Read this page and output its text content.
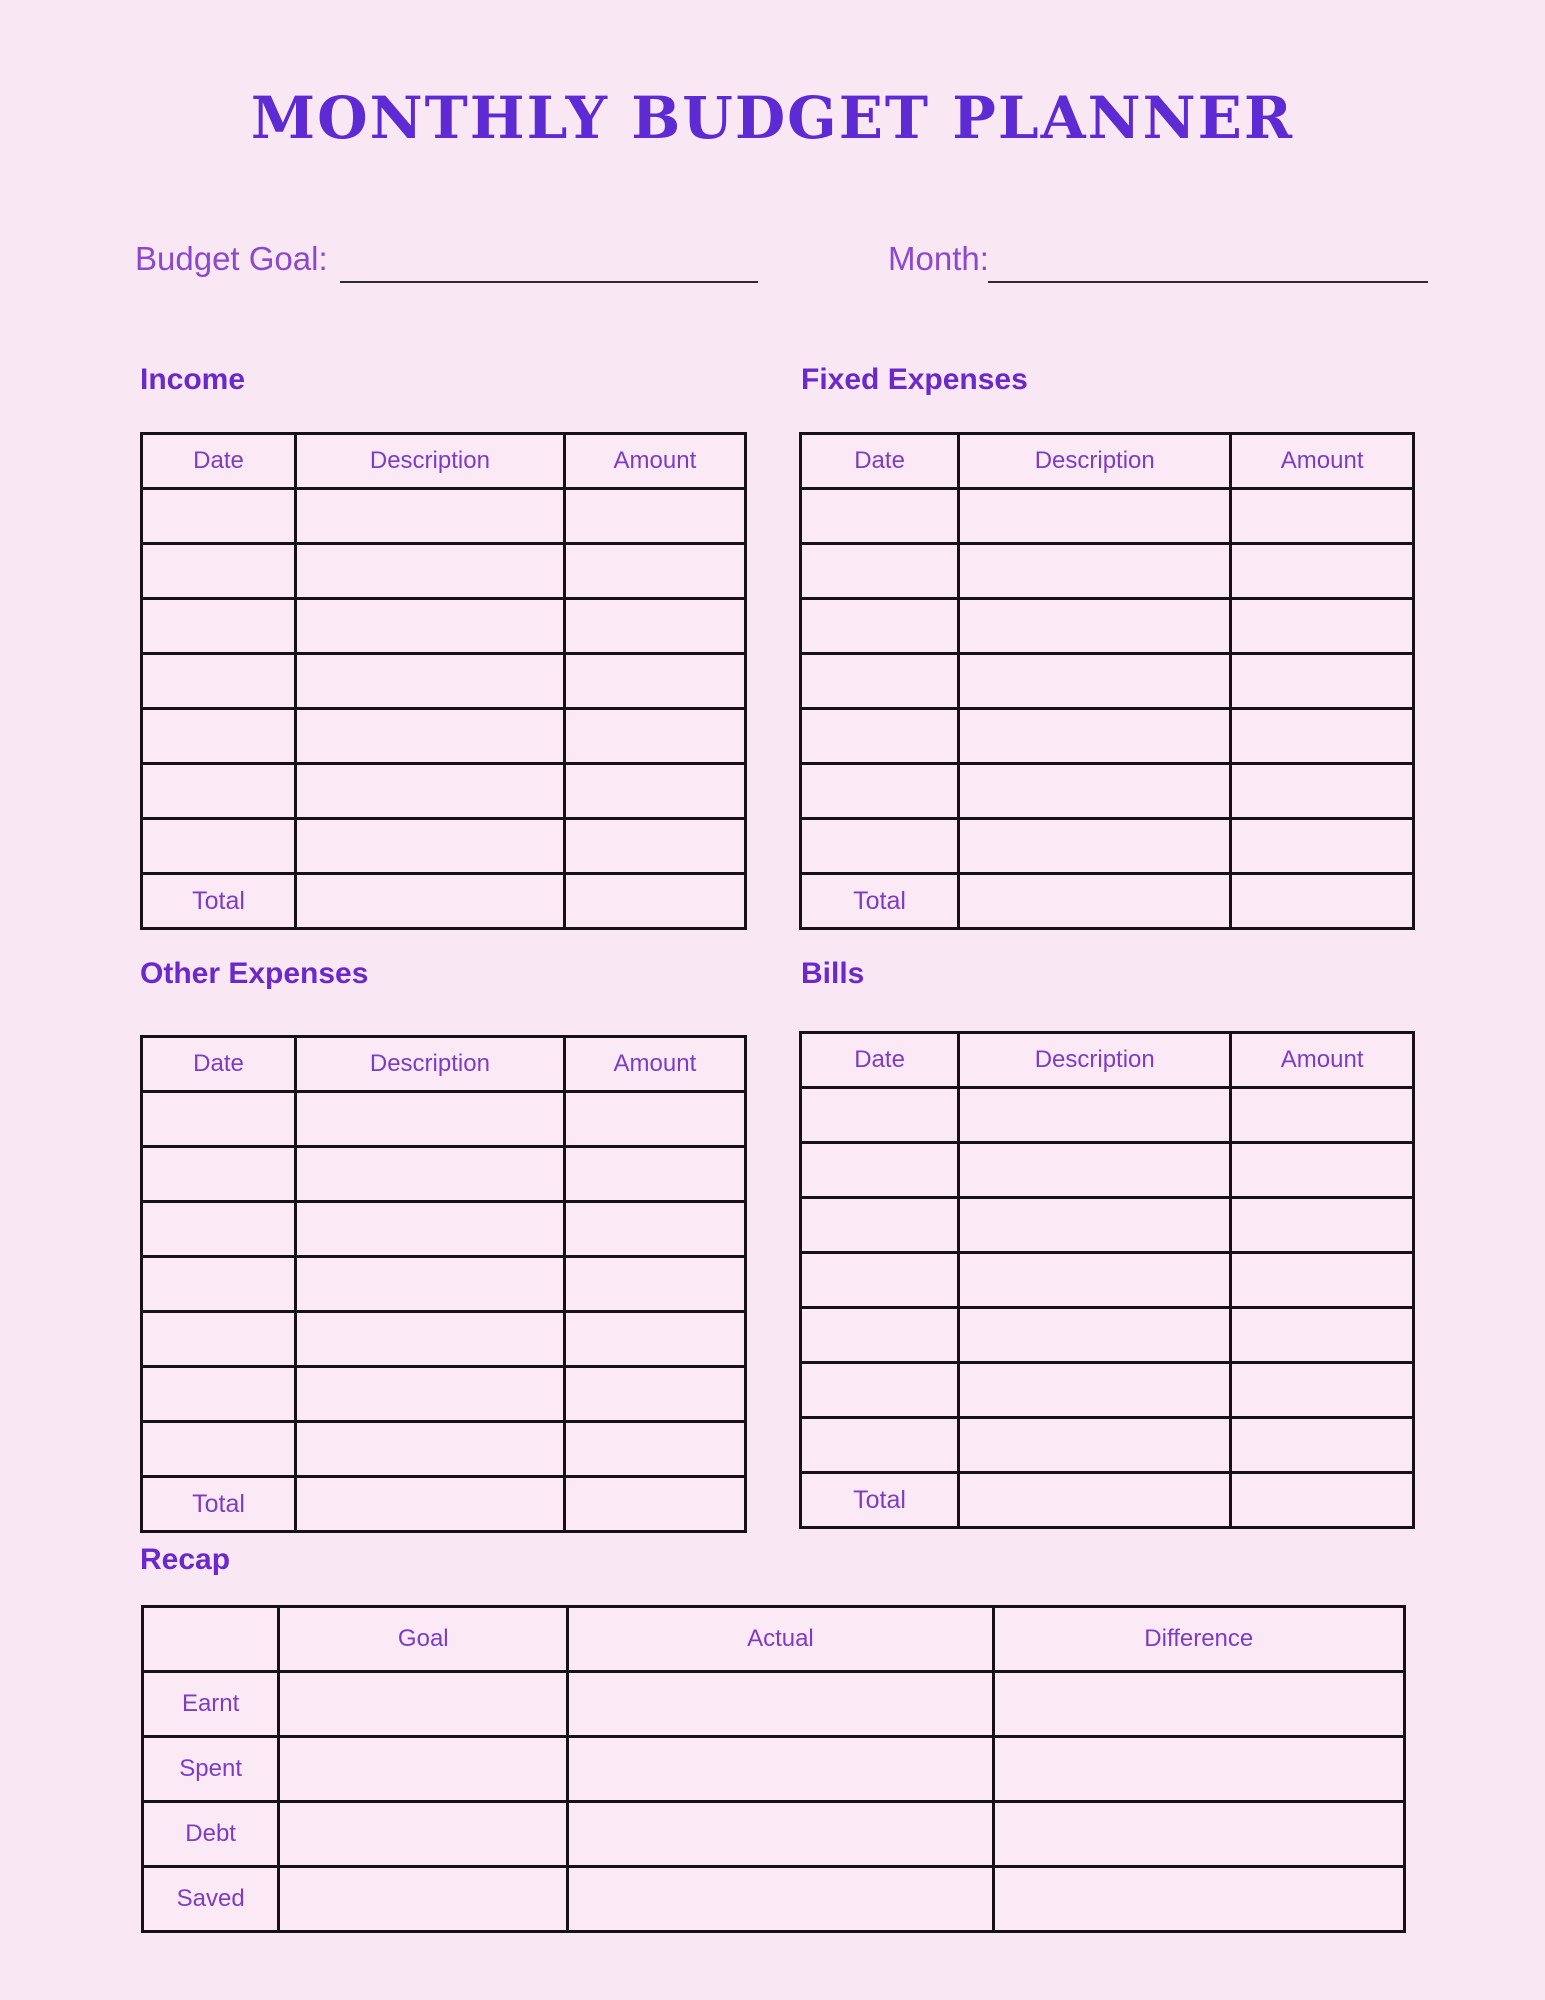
MONTHLY BUDGET PLANNER
Budget Goal:	Month:
Income	Fixed Expenses
Other Expenses	Bills
Recap
Date	Description	Amount

Total		
Date	Description	Amount

Total		
Date	Description	Amount

Total		
Date	Description	Amount

Total		
	Goal	Actual	Difference
Earnt			
Spent			
Debt			
Saved			
